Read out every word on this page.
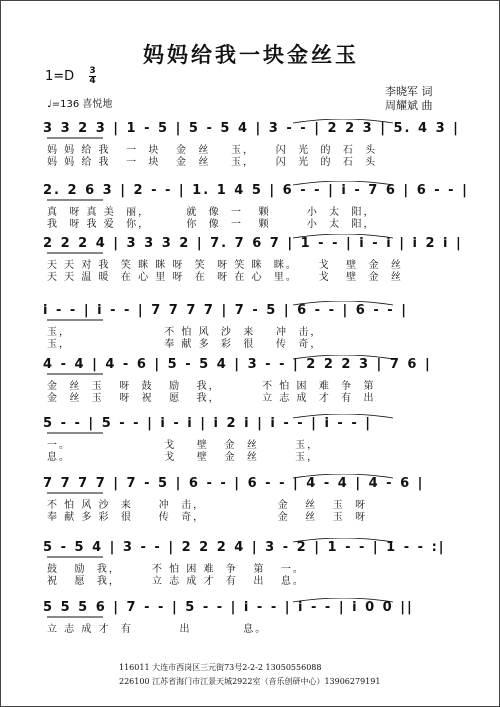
妈妈给我一块金丝玉
1=D 3
4
♩=136 喜悦地
李晓军 词
周耀斌 曲
3 3 2 3 | 1 - 5 | 5 - 5 4 | 3 - - | 2 2 3 | 5. 4 3 |
妈 妈 给 我   一  块   金  丝    玉，    闪  光  的  石  头
妈 妈 给 我   一  块   金  丝    玉，    闪  光  的  石  头
2. 2 6 3 | 2 - - | 1. 1 4 5 | 6 - - | i - 7 6 | 6 - - |
真  呀 真 美  丽，       就  像  一   颗       小  太  阳，
我  呀 我 爱  你，       你  像  一   颗       小  太  阳，
2 2 2 4 | 3 3 3 2 | 7. 7 6 7 | 1 - - | i - i | i 2 i |
天 天 对 我  笑 眯 眯 呀  笑  呀 笑 眯  眯。    戈   壁  金  丝
天 天 温 暖  在 心 里 呀  在  呀 在 心  里。    戈   壁  金  丝
i - - | i - - | 7 7 7 7 | 7 - 5 | 6 - - | 6 - - |
玉，                  不 怕 风  沙  来    冲  击，
玉，                  奉 献 多  彩  很    传  奇，
4 - 4 | 4 - 6 | 5 - 5 4 | 3 - - | 2 2 2 3 | 7 6 |
金  丝  玉   呀  鼓   励   我，        不 怕 困  难  争  第
金  丝  玉   呀  祝   愿   我，        立 志 成  才  有  出
5 - - | 5 - - | i - i | i 2 i | i - - | i - - |
一。                  戈    壁   金  丝       玉，
息。                  戈    壁   金  丝       玉，
7 7 7 7 | 7 - 5 | 6 - - | 6 - - | 4 - 4 | 4 - 6 |
不 怕 风 沙  来     冲  击，              金   丝   玉  呀
奉 献 多 彩  很     传  奇，              金   丝   玉  呀
5 - 5 4 | 3 - - | 2 2 2 4 | 3 - 2 | 1 - - | 1 - - :|
鼓   励  我，      不 怕 困 难  争   第   一。
祝   愿  我，      立 志 成 才  有   出   息。
5 5 5 6 | 7 - - | 5 - - | i - - | i - - | i 0 0 ||
立 志 成 才  有         出          息。
116011 大连市西岗区三元街73号2-2-2 13050556088
226100 江苏省海门市江景天城2922室（音乐创研中心）13906279191
